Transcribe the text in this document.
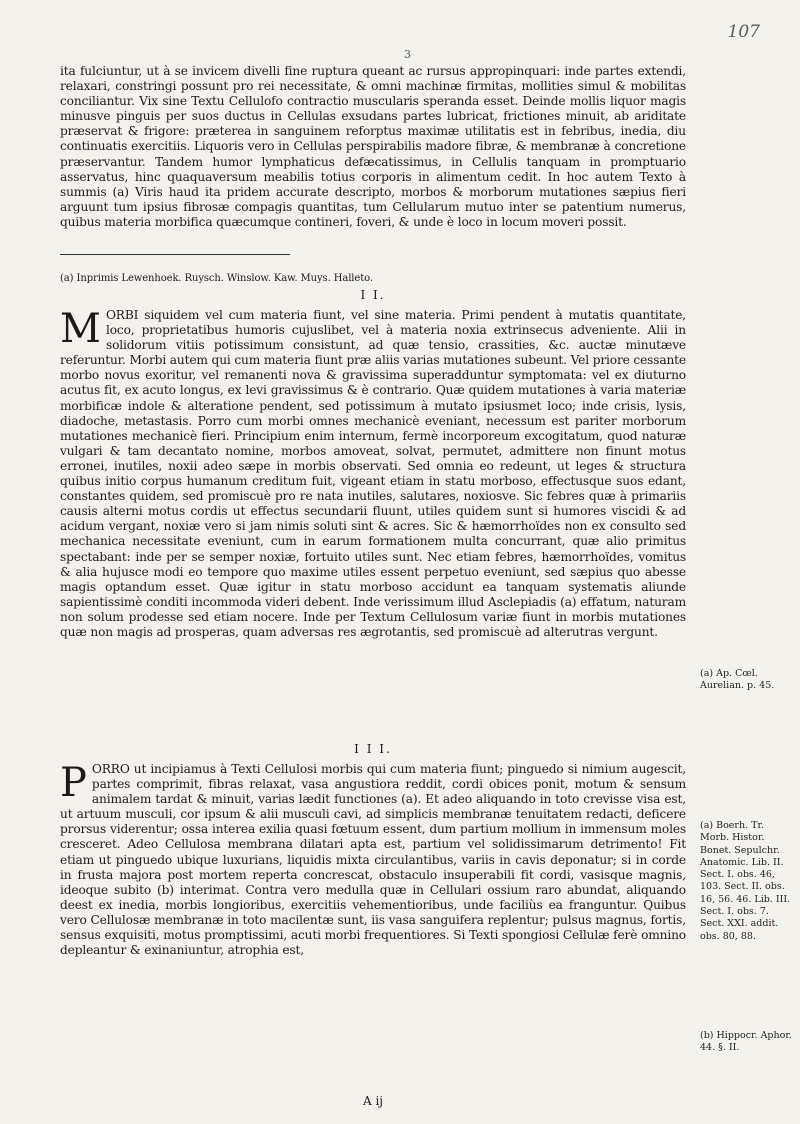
107
3

ita fulciuntur, ut à se invicem divelli fine ruptura queant ac rursus appropinquari: inde partes extendi, relaxari, constringi possunt pro rei necessitate, & omni machinæ firmitas, mollities simul & mobilitas conciliantur. Vix sine Textu Cellulofo contractio muscularis speranda esset. Deinde mollis liquor magis minusve pinguis per suos ductus in Cellulas exsudans partes lubricat, frictiones minuit, ab ariditate præservat & frigore: præterea in sanguinem reforptus maximæ utilitatis est in febribus, inedia, diu continuatis exercitiis. Liquoris vero in Cellulas perspirabilis madore fibræ, & membranæ à concretione præservantur. Tandem humor lymphaticus defæcatissimus, in Cellulis tanquam in promptuario asservatus, hinc quaquaversum meabilis totius corporis in alimentum cedit. In hoc autem Texto à summis (a) Viris haud ita pridem accurate descripto, morbos & morborum mutationes sæpius fieri arguunt tum ipsius fibrosæ compagis quantitas, tum Cellularum mutuo inter se patentium numerus, quibus materia morbifica quæcumque contineri, foveri, & unde è loco in locum moveri possit.

(a) Inprimis Lewenhoek. Ruysch. Winslow. Kaw. Muys. Halleto.

I I.
M ORBI siquidem vel cum materia fiunt, vel sine materia. Primi pendent à mutatis quantitate, loco, proprietatibus humoris cujuslibet, vel à materia noxia extrinsecus adveniente. Alii in solidorum vitiis potissimum consistunt, ad quæ tensio, crassities, &c. auctæ minutæve referuntur. Morbi autem qui cum materia fiunt præ aliis varias mutationes subeunt. Vel priore cessante morbo novus exoritur, vel remanenti nova & gravissima superadduntur symptomata: vel ex diuturno acutus fit, ex acuto longus, ex levi gravissimus & è contrario. Quæ quidem mutationes à varia materiæ morbificæ indole & alteratione pendent, sed potissimum à mutato ipsiusmet loco; inde crisis, lysis, diadoche, metastasis. Porro cum morbi omnes mechanicè eveniant, necessum est pariter morborum mutationes mechanicè fieri. Principium enim internum, fermè incorporeum excogitatum, quod naturæ vulgari & tam decantato nomine, morbos amoveat, solvat, permutet, admittere non finunt motus erronei, inutiles, noxii adeo sæpe in morbis observati. Sed omnia eo redeunt, ut leges & structura quibus initio corpus humanum creditum fuit, vigeant etiam in statu morboso, effectusque suos edant, constantes quidem, sed promiscuè pro re nata inutiles, salutares, noxiosve. Sic febres quæ à primariis causis alterni motus cordis ut effectus secundarii fluunt, utiles quidem sunt si humores viscidi & ad acidum vergant, noxiæ vero si jam nimis soluti sint & acres. Sic & hæmorrhoïdes non ex consulto sed mechanica necessitate eveniunt, cum in earum formationem multa concurrant, quæ alio primitus spectabant: inde per se semper noxiæ, fortuito utiles sunt. Nec etiam febres, hæmorrhoïdes, vomitus & alia hujusce modi eo tempore quo maxime utiles essent perpetuo eveniunt, sed sæpius quo abesse magis optandum esset. Quæ igitur in statu morboso accidunt ea tanquam systematis aliunde sapientissimè conditi incommoda videri debent. Inde verissimum illud Asclepiadis (a) effatum, naturam non solum prodesse sed etiam nocere. Inde per Textum Cellulosum variæ fiunt in morbis mutationes quæ non magis ad prosperas, quam adversas res ægrotantis, sed promiscuè ad alterutras vergunt.

I I I.
P ORRO ut incipiamus à Texti Cellulosi morbis qui cum materia fiunt; pinguedo si nimium augescit, partes comprimit, fibras relaxat, vasa angustiora reddit, cordi obices ponit, motum & sensum animalem tardat & minuit, varias lædit functiones (a). Et adeo aliquando in toto crevisse visa est, ut artuum musculi, cor ipsum & alii musculi cavi, ad simplicis membranæ tenuitatem redacti, deficere prorsus viderentur; ossa interea exilia quasi fœtuum essent, dum partium mollium in immensum moles cresceret. Adeo Cellulosa membrana dilatari apta est, partium vel solidissimarum detrimento! Fit etiam ut pinguedo ubique luxurians, liquidis mixta circulantibus, variis in cavis deponatur; si in corde in frusta majora post mortem reperta concrescat, obstaculo insuperabili fit cordi, vasisque magnis, ideoque subito (b) interimat. Contra vero medulla quæ in Cellulari ossium raro abundat, aliquando deest ex inedia, morbis longioribus, exercitiis vehementioribus, unde faciliùs ea franguntur. Quibus vero Cellulosæ membranæ in toto macilentæ sunt, iis vasa sanguifera replentur; pulsus magnus, fortis, sensus exquisiti, motus promptissimi, acuti morbi frequentiores. Si Texti spongiosi Cellulæ ferè omnino depleantur & exinaniuntur, atrophia est,

A ij
(a) Ap. Cœl. Aurelian. p. 45.
(a) Boerh. Tr. Morb. Histor. Bonet. Sepulchr. Anatomic. Lib. II. Sect. I. obs. 46, 103. Sect. II. obs. 16, 56. 46. Lib. III. Sect. I. obs. 7. Sect. XXI. addit. obs. 80, 88.
(b) Hippocr. Aphor. 44. §. II.
